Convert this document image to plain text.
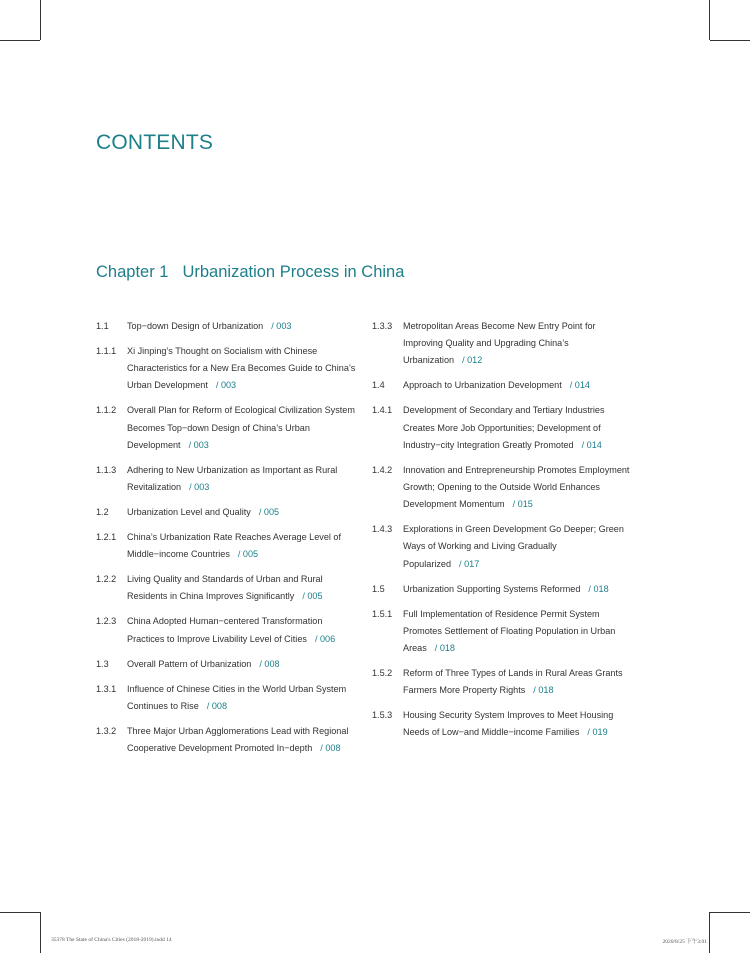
CONTENTS
Chapter 1 Urbanization Process in China
1.1	Top−down Design of Urbanization / 003
1.1.1	Xi Jinping’s Thought on Socialism with Chinese Characteristics for a New Era Becomes Guide to China’s Urban Development / 003
1.1.2	Overall Plan for Reform of Ecological Civilization System Becomes Top−down Design of China’s Urban Development / 003
1.1.3	Adhering to New Urbanization as Important as Rural Revitalization / 003
1.2	Urbanization Level and Quality / 005
1.2.1	China’s Urbanization Rate Reaches Average Level of Middle−income Countries / 005
1.2.2	Living Quality and Standards of Urban and Rural Residents in China Improves Significantly / 005
1.2.3	China Adopted Human−centered Transformation Practices to Improve Livability Level of Cities / 006
1.3	Overall Pattern of Urbanization / 008
1.3.1	Influence of Chinese Cities in the World Urban System Continues to Rise / 008
1.3.2	Three Major Urban Agglomerations Lead with Regional Cooperative Development Promoted In−depth / 008
1.3.3	Metropolitan Areas Become New Entry Point for Improving Quality and Upgrading China’s Urbanization / 012
1.4	Approach to Urbanization Development / 014
1.4.1	Development of Secondary and Tertiary Industries Creates More Job Opportunities; Development of Industry−city Integration Greatly Promoted / 014
1.4.2	Innovation and Entrepreneurship Promotes Employment Growth; Opening to the Outside World Enhances Development Momentum / 015
1.4.3	Explorations in Green Development Go Deeper; Green Ways of Working and Living Gradually Popularized / 017
1.5	Urbanization Supporting Systems Reformed / 018
1.5.1	Full Implementation of Residence Permit System Promotes Settlement of Floating Population in Urban Areas / 018
1.5.2	Reform of Three Types of Lands in Rural Areas Grants Farmers More Property Rights / 018
1.5.3	Housing Security System Improves to Meet Housing Needs of Low−and Middle−income Families / 019
35378 The State of China's Cities (2018-2019).indd 14	2020/8/25 下午3:01
